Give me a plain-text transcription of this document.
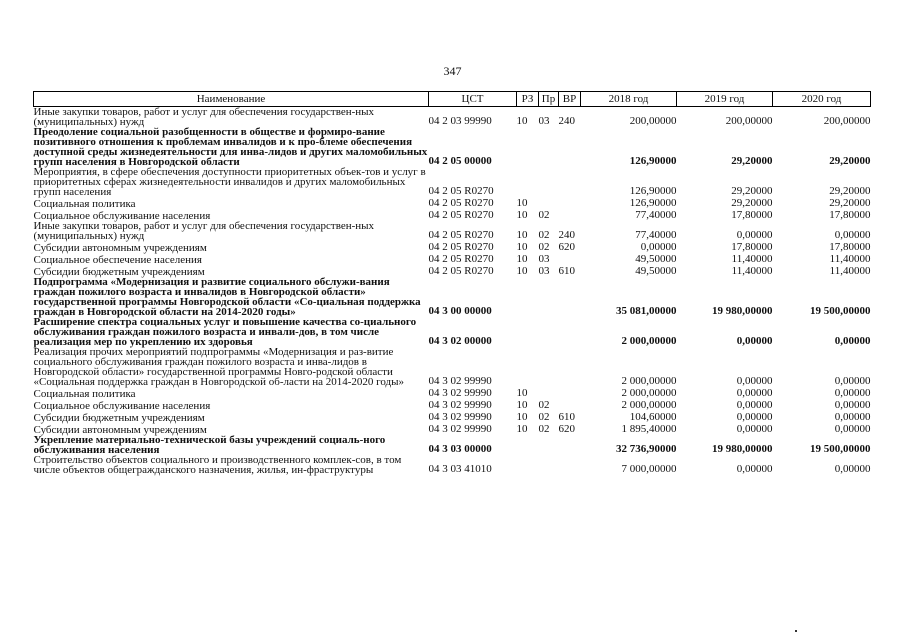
347
Наименование	ЦСТ	РЗ	Пр	ВР	2018 год	2019 год	2020 год
Иные закупки товаров, работ и услуг для обеспечения государствен-ных (муниципальных) нужд	04 2 03 99990	10	03	240	200,00000	200,00000	200,00000
Преодоление социальной разобщенности в обществе и формиро-вание позитивного отношения к проблемам инвалидов и к про-блеме обеспечения доступной среды жизнедеятельности для инва-лидов и других маломобильных групп населения в Новгородской области	04 2 05 00000				126,90000	29,20000	29,20000
Мероприятия, в сфере обеспечения доступности приоритетных объек-тов и услуг в приоритетных сферах жизнедеятельности инвалидов и других маломобильных групп населения	04 2 05 R0270				126,90000	29,20000	29,20000
Социальная политика	04 2 05 R0270	10			126,90000	29,20000	29,20000
Социальное обслуживание населения	04 2 05 R0270	10	02		77,40000	17,80000	17,80000
Иные закупки товаров, работ и услуг для обеспечения государствен-ных (муниципальных) нужд	04 2 05 R0270	10	02	240	77,40000	0,00000	0,00000
Субсидии автономным учреждениям	04 2 05 R0270	10	02	620	0,00000	17,80000	17,80000
Социальное обеспечение населения	04 2 05 R0270	10	03		49,50000	11,40000	11,40000
Субсидии бюджетным учреждениям	04 2 05 R0270	10	03	610	49,50000	11,40000	11,40000
Подпрограмма «Модернизация и развитие социального обслужи-вания граждан пожилого возраста и инвалидов в Новгородской области» государственной программы Новгородской области «Со-циальная поддержка граждан в Новгородской области на 2014-2020 годы»	04 3 00 00000				35 081,00000	19 980,00000	19 500,00000
Расширение спектра социальных услуг и повышение качества со-циального обслуживания граждан пожилого возраста и инвали-дов, в том числе реализация мер по укреплению их здоровья	04 3 02 00000				2 000,00000	0,00000	0,00000
Реализация прочих мероприятий подпрограммы «Модернизация и раз-витие социального обслуживания граждан пожилого возраста и инва-лидов в Новгородской области» государственной программы Новго-родской области «Социальная поддержка граждан в Новгородской об-ласти на 2014-2020 годы»	04 3 02 99990				2 000,00000	0,00000	0,00000
Социальная политика	04 3 02 99990	10			2 000,00000	0,00000	0,00000
Социальное обслуживание населения	04 3 02 99990	10	02		2 000,00000	0,00000	0,00000
Субсидии бюджетным учреждениям	04 3 02 99990	10	02	610	104,60000	0,00000	0,00000
Субсидии автономным учреждениям	04 3 02 99990	10	02	620	1 895,40000	0,00000	0,00000
Укрепление материально-технической базы учреждений социаль-ного обслуживания населения	04 3 03 00000				32 736,90000	19 980,00000	19 500,00000
Строительство объектов социального и производственного комплек-сов, в том числе объектов общегражданского назначения, жилья, ин-фраструктуры	04 3 03 41010				7 000,00000	0,00000	0,00000
